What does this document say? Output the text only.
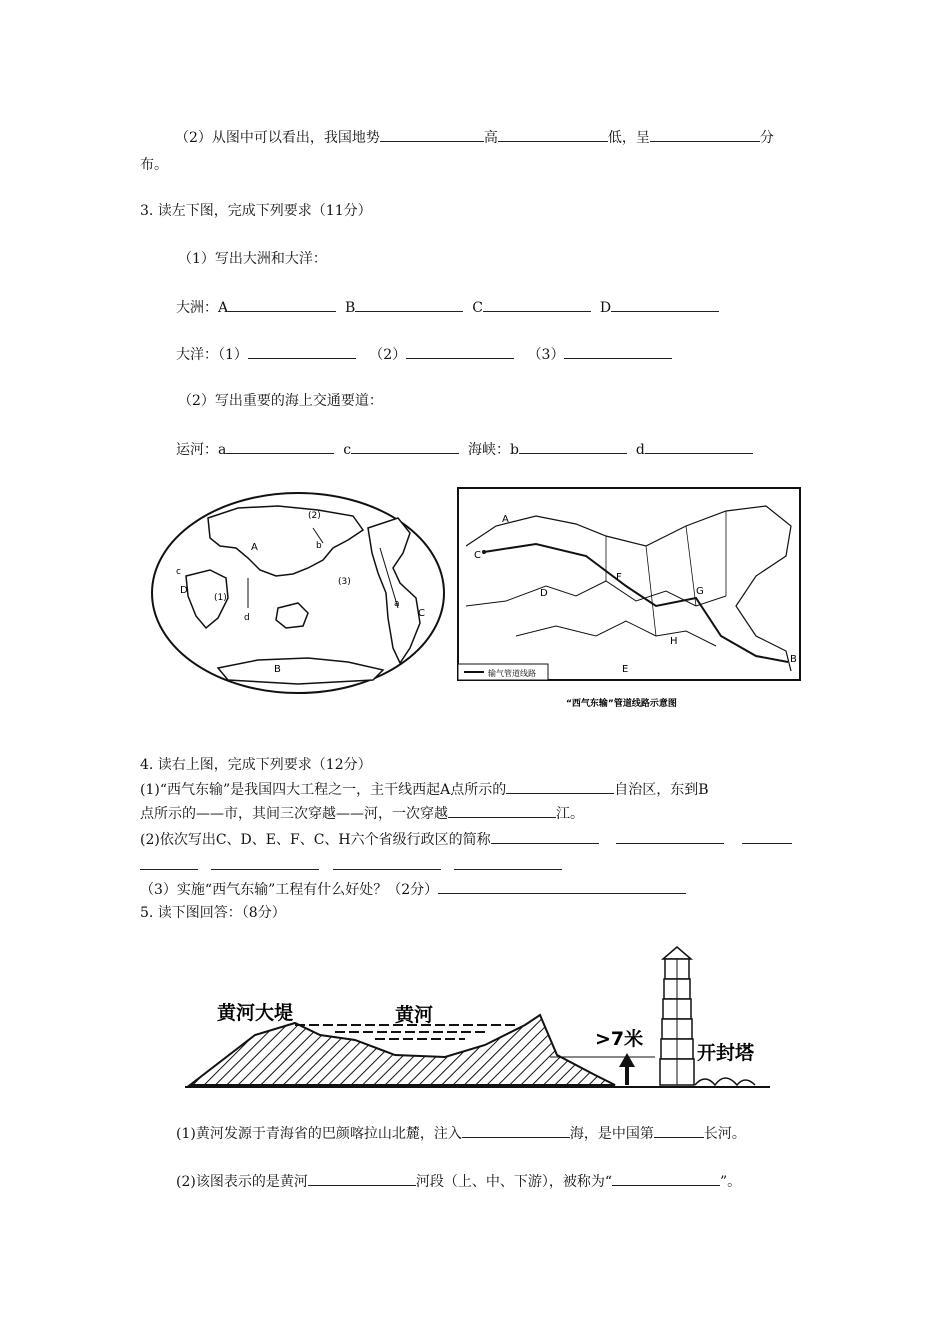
（2）从图中可以看出，我国地势	高	低，呈	分
布。
3. 读左下图，完成下列要求（11分）
（1）写出大洲和大洋：
大洲：A	B	C	D
大洋：（1）	（2）	（3）
（2）写出重要的海上交通要道：
运河：a	c	海峡：b	d
A
B
C
D
(1)
(2)
(3)
a
b
c
d
A
B
C
D
E
F
G
H
输气管道线路
“西气东输”管道线路示意图
4. 读右上图，完成下列要求（12分）
(1)“西气东输”是我国四大工程之一，主干线西起A点所示的	自治区，东到B
点所示的——市，其间三次穿越——河，一次穿越	江。
(2)依次写出C、D、E、F、C、H六个省级行政区的简称

（3）实施“西气东输”工程有什么好处？（2分）
5. 读下图回答：（8分）
黄河大堤	黄河
>7米
开封塔
(1)黄河发源于青海省的巴颜喀拉山北麓，注入	海，是中国第	长河。
(2)该图表示的是黄河	河段（上、中、下游），被称为“	”。
